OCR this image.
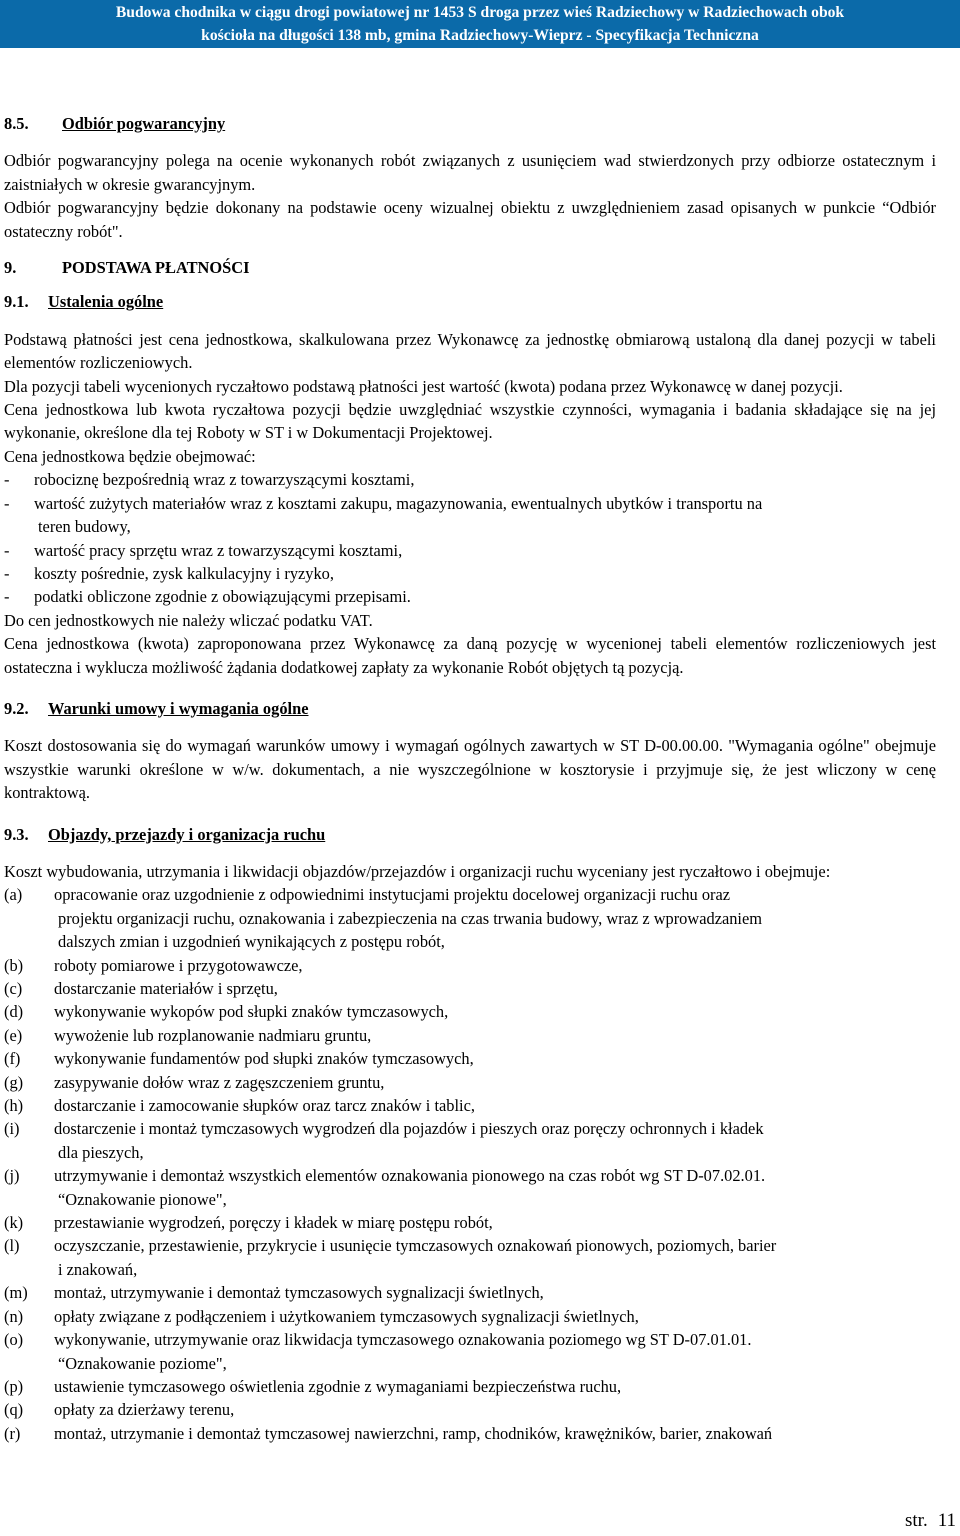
Budowa chodnika w ciągu drogi powiatowej nr 1453 S droga przez wieś Radziechowy w Radziechowach obok
kościoła na długości 138 mb, gmina Radziechowy-Wieprz - Specyfikacja Techniczna
8.5. Odbiór pogwarancyjny

Odbiór pogwarancyjny polega na ocenie wykonanych robót związanych z usunięciem wad stwierdzonych przy odbiorze ostatecznym i zaistniałych w okresie gwarancyjnym.

Odbiór pogwarancyjny będzie dokonany na podstawie oceny wizualnej obiektu z uwzględnieniem zasad opisanych w punkcie “Odbiór ostateczny robót".

9.	PODSTAWA PŁATNOŚCI
9.1. Ustalenia ogólne

Podstawą płatności jest cena jednostkowa, skalkulowana przez Wykonawcę za jednostkę obmiarową ustaloną dla danej pozycji w tabeli elementów rozliczeniowych.

Dla pozycji tabeli wycenionych ryczałtowo podstawą płatności jest wartość (kwota) podana przez Wykonawcę w danej pozycji.

Cena jednostkowa lub kwota ryczałtowa pozycji będzie uwzględniać wszystkie czynności, wymagania i badania składające się na jej wykonanie, określone dla tej Roboty w ST i w Dokumentacji Projektowej.

Cena jednostkowa będzie obejmować:

-	robociznę bezpośrednią wraz z towarzyszącymi kosztami,
-	wartość zużytych materiałów wraz z kosztami zakupu, magazynowania, ewentualnych ubytków i transportu na
teren budowy,
-	wartość pracy sprzętu wraz z towarzyszącymi kosztami,
-	koszty pośrednie, zysk kalkulacyjny i ryzyko,
-	podatki obliczone zgodnie z obowiązującymi przepisami.

Do cen jednostkowych nie należy wliczać podatku VAT.

Cena jednostkowa (kwota) zaproponowana przez Wykonawcę za daną pozycję w wycenionej tabeli elementów rozliczeniowych jest ostateczna i wyklucza możliwość żądania dodatkowej zapłaty za wykonanie Robót objętych tą pozycją.

9.2. Warunki umowy i wymagania ogólne

Koszt dostosowania się do wymagań warunków umowy i wymagań ogólnych zawartych w ST D-00.00.00. "Wymagania ogólne" obejmuje wszystkie warunki określone w w/w. dokumentach, a nie wyszczególnione w kosztorysie i przyjmuje się, że jest wliczony w cenę kontraktową.

9.3. Objazdy, przejazdy i organizacja ruchu

Koszt wybudowania, utrzymania i likwidacji objazdów/przejazdów i organizacji ruchu wyceniany jest ryczałtowo i obejmuje:

(a)	opracowanie oraz uzgodnienie z odpowiednimi instytucjami projektu docelowej organizacji ruchu oraz
projektu organizacji ruchu, oznakowania i zabezpieczenia na czas trwania budowy, wraz z wprowadzaniem
dalszych zmian i uzgodnień wynikających z postępu robót,
(b)	roboty pomiarowe i przygotowawcze,
(c)	dostarczanie materiałów i sprzętu,
(d)	wykonywanie wykopów pod słupki znaków tymczasowych,
(e)	wywożenie lub rozplanowanie nadmiaru gruntu,
(f)	wykonywanie fundamentów pod słupki znaków tymczasowych,
(g)	zasypywanie dołów wraz z zagęszczeniem gruntu,
(h)	dostarczanie i zamocowanie słupków oraz tarcz znaków i tablic,
(i)	dostarczenie i montaż tymczasowych wygrodzeń dla pojazdów i pieszych oraz poręczy ochronnych i kładek
dla pieszych,
(j)	utrzymywanie i demontaż wszystkich elementów oznakowania pionowego na czas robót wg ST D-07.02.01.
“Oznakowanie pionowe",
(k)	przestawianie wygrodzeń, poręczy i kładek w miarę postępu robót,
(l)	oczyszczanie, przestawienie, przykrycie i usunięcie tymczasowych oznakowań pionowych, poziomych, barier
i znakowań,
(m)	montaż, utrzymywanie i demontaż tymczasowych sygnalizacji świetlnych,
(n)	opłaty związane z podłączeniem i użytkowaniem tymczasowych sygnalizacji świetlnych,
(o)	wykonywanie, utrzymywanie oraz likwidacja tymczasowego oznakowania poziomego wg ST D-07.01.01.
“Oznakowanie poziome",
(p)	ustawienie tymczasowego oświetlenia zgodnie z wymaganiami bezpieczeństwa ruchu,
(q)	opłaty za dzierżawy terenu,
(r)	montaż, utrzymanie i demontaż tymczasowej nawierzchni, ramp, chodników, krawężników, barier, znakowań
str. 11
